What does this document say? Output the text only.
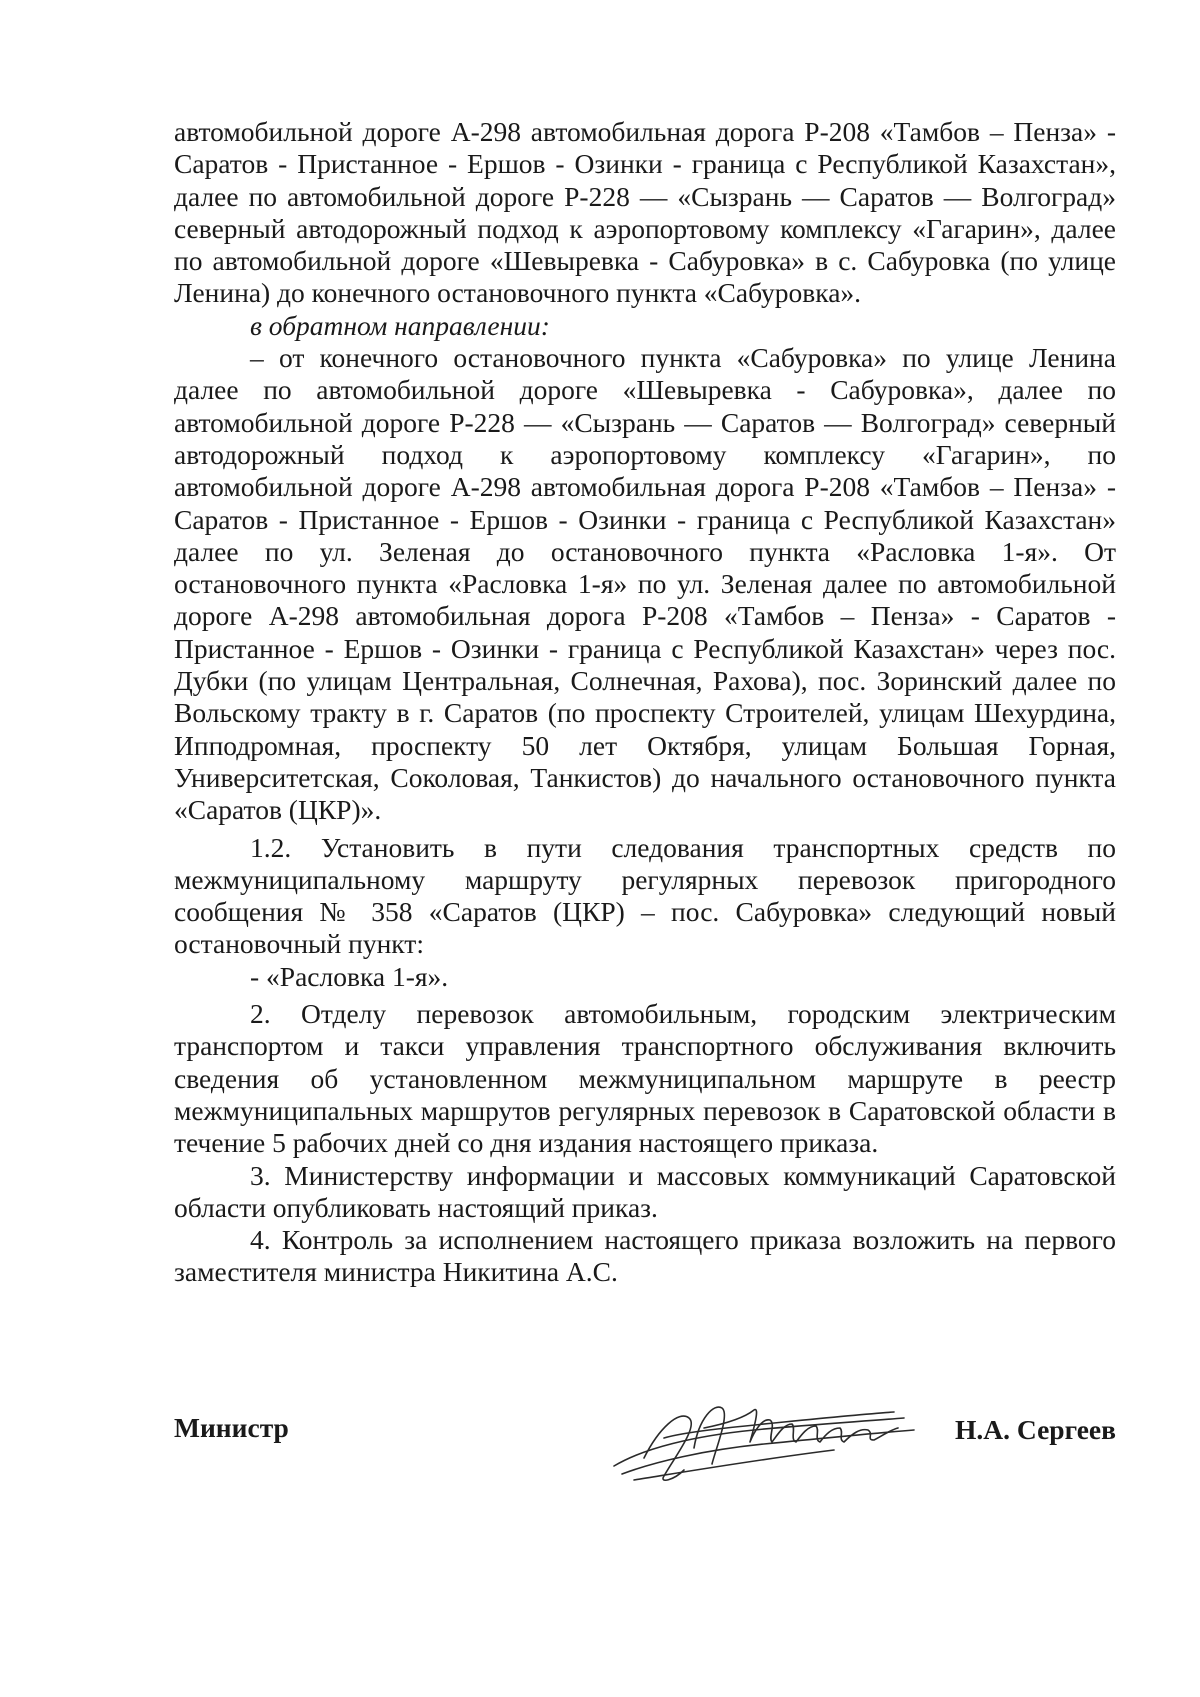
автомобильной дороге А-298 автомобильная дорога Р-208 «Тамбов – Пенза» - Саратов - Пристанное - Ершов - Озинки - граница с Республикой Казахстан», далее по автомобильной дороге Р-228 — «Сызрань — Саратов — Волгоград» северный автодорожный подход к аэропортовому комплексу «Гагарин», далее по автомобильной дороге «Шевыревка - Сабуровка» в с. Сабуровка (по улице Ленина) до конечного остановочного пункта «Сабуровка».

в обратном направлении:

– от конечного остановочного пункта «Сабуровка» по улице Ленина далее по автомобильной дороге «Шевыревка - Сабуровка», далее по автомобильной дороге Р-228 — «Сызрань — Саратов — Волгоград» северный автодорожный подход к аэропортовому комплексу «Гагарин», по автомобильной дороге А-298 автомобильная дорога Р-208 «Тамбов – Пенза» - Саратов - Пристанное - Ершов - Озинки - граница с Республикой Казахстан» далее по ул. Зеленая до остановочного пункта «Расловка 1-я». От остановочного пункта «Расловка 1-я» по ул. Зеленая далее по автомобильной дороге А-298 автомобильная дорога Р-208 «Тамбов – Пенза» - Саратов - Пристанное - Ершов - Озинки - граница с Республикой Казахстан» через пос. Дубки (по улицам Центральная, Солнечная, Рахова), пос. Зоринский далее по Вольскому тракту в г. Саратов (по проспекту Строителей, улицам Шехурдина, Ипподромная, проспекту 50 лет Октября, улицам Большая Горная, Университетская, Соколовая, Танкистов) до начального остановочного пункта «Саратов (ЦКР)».

1.2. Установить в пути следования транспортных средств по межмуниципальному маршруту регулярных перевозок пригородного сообщения № 358 «Саратов (ЦКР) – пос. Сабуровка» следующий новый остановочный пункт:

- «Расловка 1-я».

2. Отделу перевозок автомобильным, городским электрическим транспортом и такси управления транспортного обслуживания включить сведения об установленном межмуниципальном маршруте в реестр межмуниципальных маршрутов регулярных перевозок в Саратовской области в течение 5 рабочих дней со дня издания настоящего приказа.

3. Министерству информации и массовых коммуникаций Саратовской области опубликовать настоящий приказ.

4. Контроль за исполнением настоящего приказа возложить на первого заместителя министра Никитина А.С.

Министр	Н.А. Сергеев
